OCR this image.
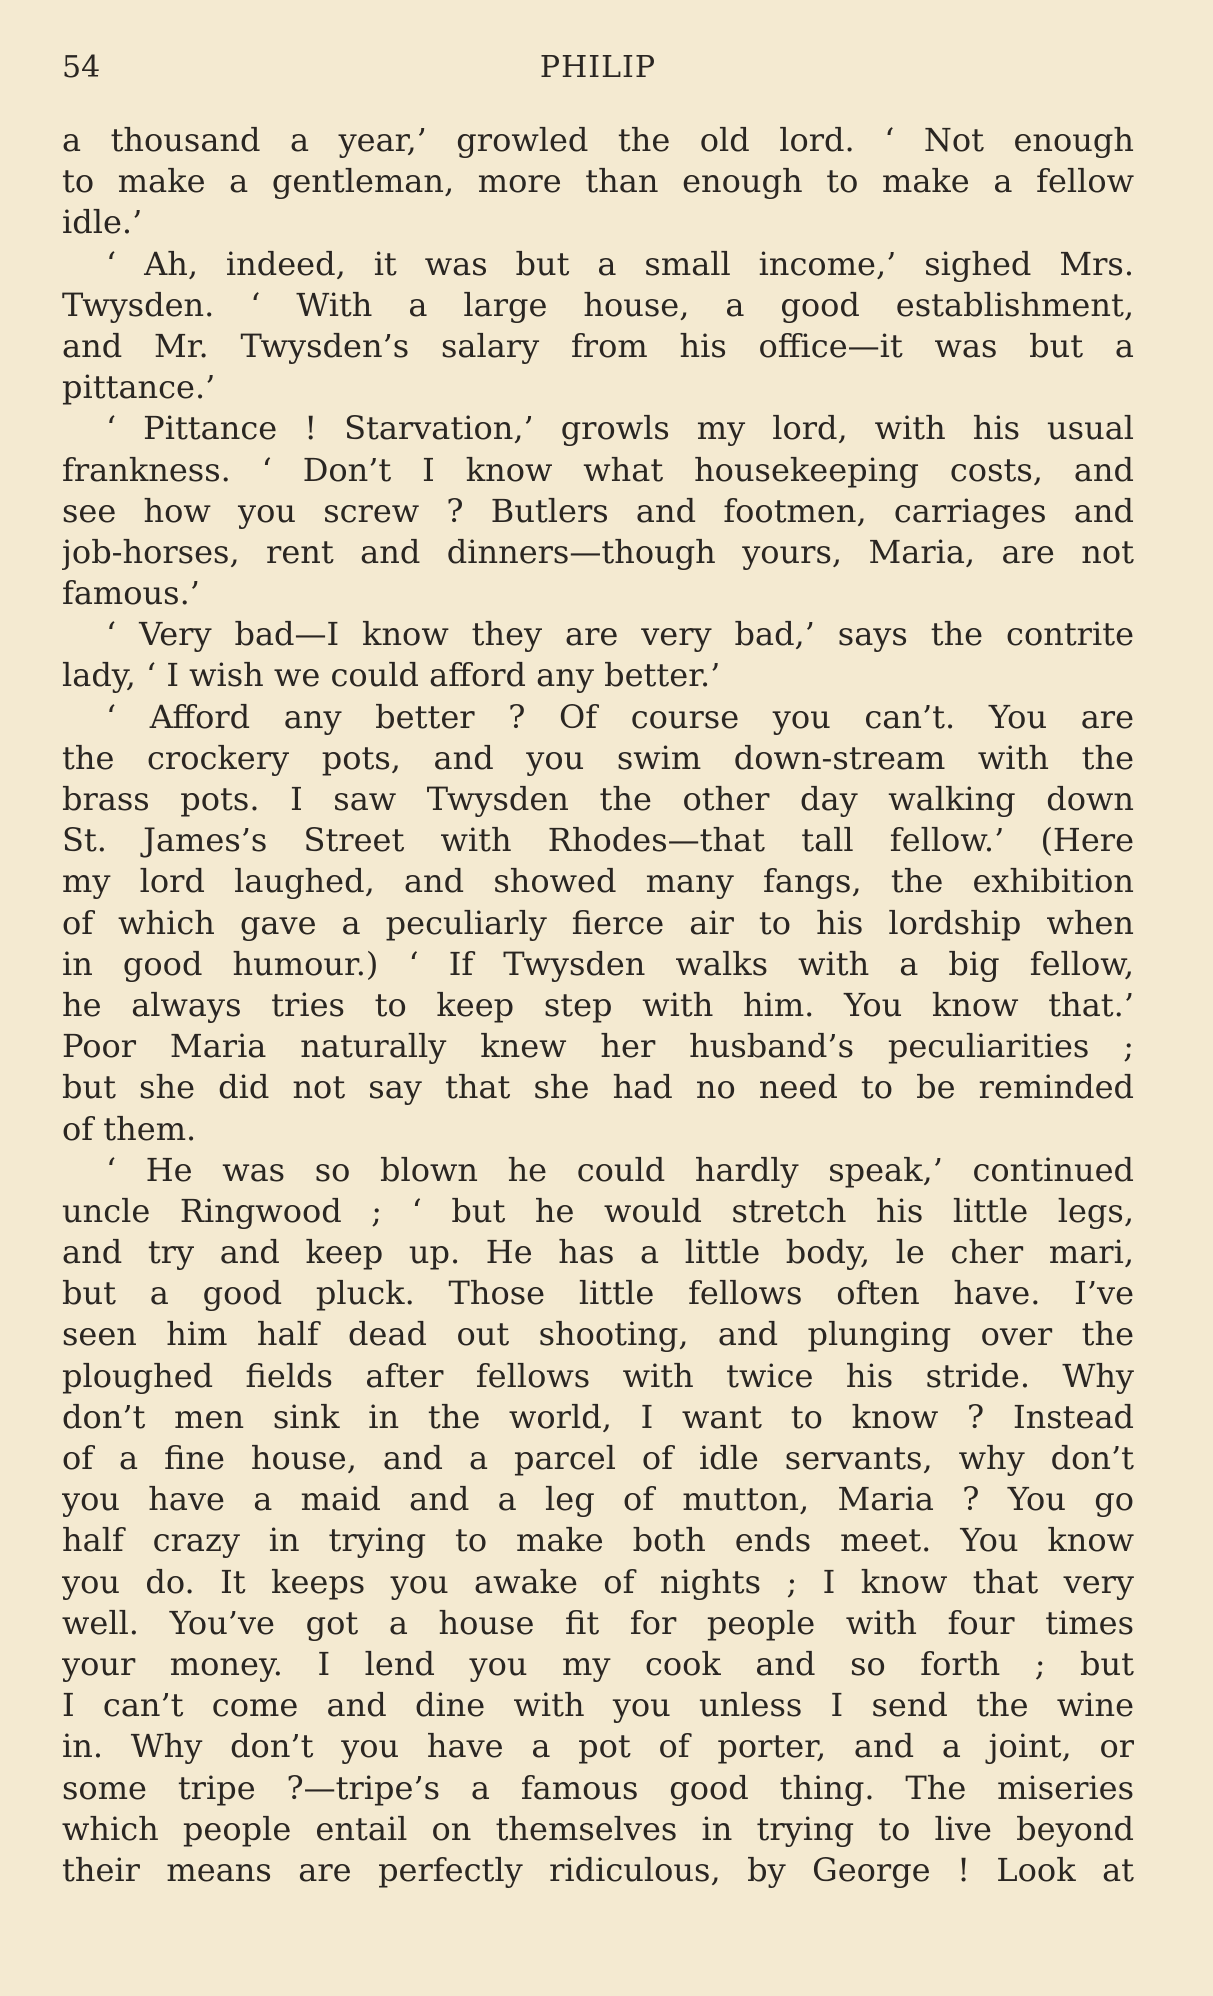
54	PHILIP
a thousand a year,’ growled the old lord. ‘ Not enough
to make a gentleman, more than enough to make a fellow
idle.’
‘ Ah, indeed, it was but a small income,’ sighed Mrs.
Twysden. ‘ With a large house, a good establishment,
and Mr. Twysden’s salary from his office—it was but a
pittance.’
‘ Pittance ! Starvation,’ growls my lord, with his usual
frankness. ‘ Don’t I know what housekeeping costs, and
see how you screw ? Butlers and footmen, carriages and
job-horses, rent and dinners—though yours, Maria, are not
famous.’
‘ Very bad—I know they are very bad,’ says the contrite
lady, ‘ I wish we could afford any better.’
‘ Afford any better ? Of course you can’t. You are
the crockery pots, and you swim down-stream with the
brass pots. I saw Twysden the other day walking down
St. James’s Street with Rhodes—that tall fellow.’ (Here
my lord laughed, and showed many fangs, the exhibition
of which gave a peculiarly fierce air to his lordship when
in good humour.) ‘ If Twysden walks with a big fellow,
he always tries to keep step with him. You know that.’
Poor Maria naturally knew her husband’s peculiarities ;
but she did not say that she had no need to be reminded
of them.
‘ He was so blown he could hardly speak,’ continued
uncle Ringwood ; ‘ but he would stretch his little legs,
and try and keep up. He has a little body, le cher mari,
but a good pluck. Those little fellows often have. I’ve
seen him half dead out shooting, and plunging over the
ploughed fields after fellows with twice his stride. Why
don’t men sink in the world, I want to know ? Instead
of a fine house, and a parcel of idle servants, why don’t
you have a maid and a leg of mutton, Maria ? You go
half crazy in trying to make both ends meet. You know
you do. It keeps you awake of nights ; I know that very
well. You’ve got a house fit for people with four times
your money. I lend you my cook and so forth ; but
I can’t come and dine with you unless I send the wine
in. Why don’t you have a pot of porter, and a joint, or
some tripe ?—tripe’s a famous good thing. The miseries
which people entail on themselves in trying to live beyond
their means are perfectly ridiculous, by George ! Look at
